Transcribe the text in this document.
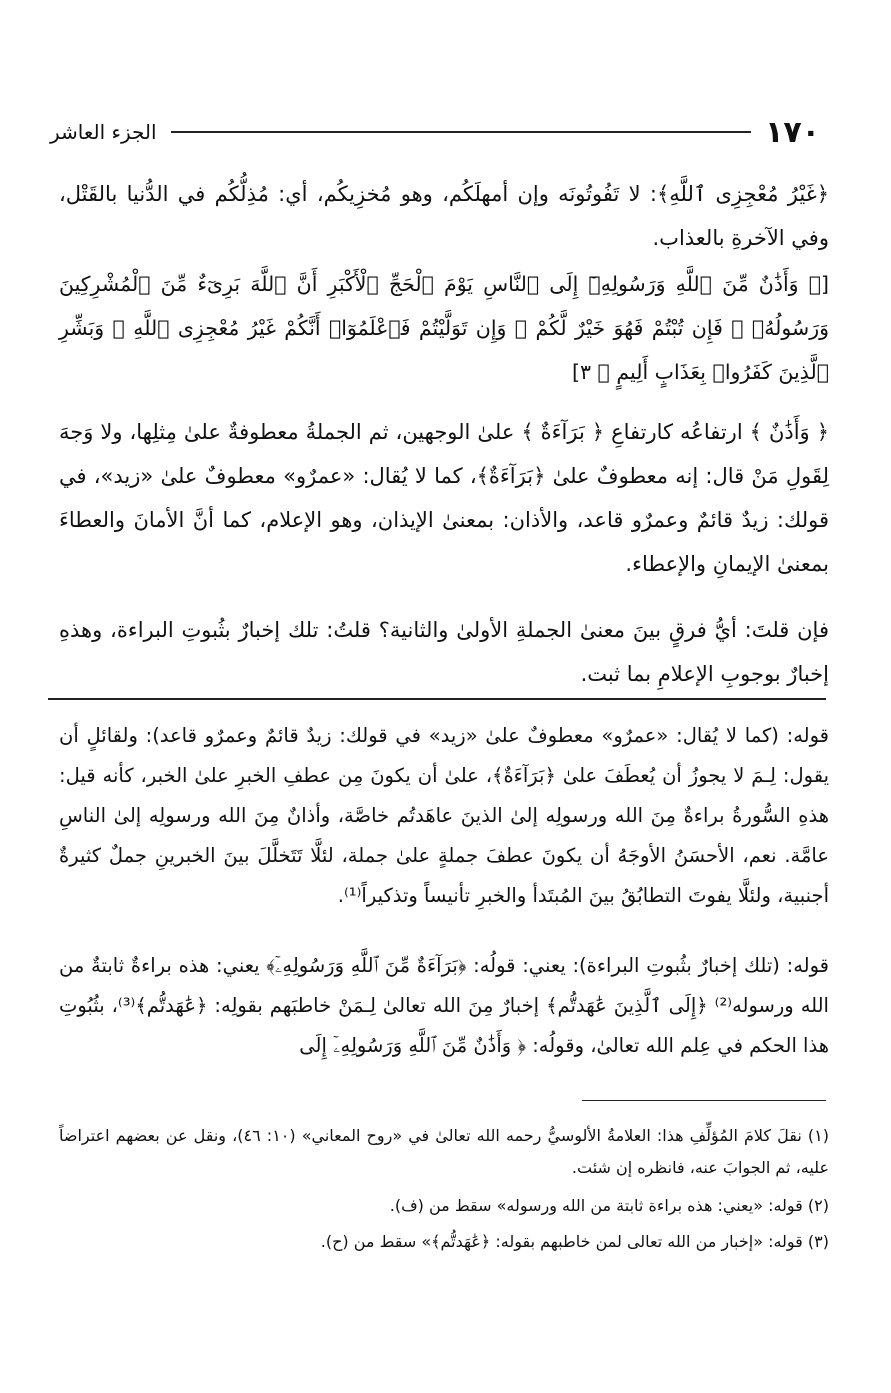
١٧٠
الجزء العاشر

﴿غَيْرُ مُعْجِزِى ٱللَّهِ﴾: لا تَفُوتُونَه وإن أمهلَكُم، وهو مُخزِيكُم، أي: مُذِلُّكُم في الدُّنيا بالقَتْل، وفي الآخرةِ بالعذاب.

[﴿ وَأَذَٰنٌ مِّنَ ٱللَّهِ وَرَسُولِهِۦٓ إِلَى ٱلنَّاسِ يَوْمَ ٱلْحَجِّ ٱلْأَكْبَرِ أَنَّ ٱللَّهَ بَرِىٓءٌ مِّنَ ٱلْمُشْرِكِينَ وَرَسُولُهُۥ ۚ فَإِن تُبْتُمْ فَهُوَ خَيْرٌ لَّكُمْ ۖ وَإِن تَوَلَّيْتُمْ فَٱعْلَمُوٓا۟ أَنَّكُمْ غَيْرُ مُعْجِزِى ٱللَّهِ ۗ وَبَشِّرِ ٱلَّذِينَ كَفَرُوا۟ بِعَذَابٍ أَلِيمٍ ﴾ ٣]

﴿ وَأَذَٰنٌ ﴾ ارتفاعُه كارتفاعِ ﴿ بَرَآءَةٌ ﴾ علىٰ الوجهين، ثم الجملةُ معطوفةٌ علىٰ مِثلِها، ولا وَجهَ لِقَولِ مَنْ قال: إنه معطوفٌ علىٰ ﴿بَرَآءَةٌ﴾، كما لا يُقال: «عمرٌو» معطوفٌ علىٰ «زيد»، في قولك: زيدٌ قائمٌ وعمرٌو قاعد، والأذان: بمعنىٰ الإيذان، وهو الإعلام، كما أنَّ الأمانَ والعطاءَ بمعنىٰ الإيمانِ والإعطاء.

فإن قلتَ: أيُّ فرقٍ بينَ معنىٰ الجملةِ الأولىٰ والثانية؟ قلتُ: تلك إخبارٌ بثُبوتِ البراءة، وهذهِ إخبارٌ بوجوبِ الإعلامِ بما ثبت.

قوله: (كما لا يُقال: «عمرٌو» معطوفٌ علىٰ «زيد» في قولك: زيدٌ قائمٌ وعمرٌو قاعد): ولقائلٍ أن يقول: لِـمَ لا يجوزُ أن يُعطَفَ علىٰ ﴿بَرَآءَةٌ﴾، علىٰ أن يكونَ مِن عطفِ الخبرِ علىٰ الخبر، كأنه قيل: هذهِ السُّورةُ براءةٌ مِنَ الله ورسولِه إلىٰ الذينَ عاهَدتُم خاصَّة، وأذانٌ مِنَ الله ورسولِه إلىٰ الناسِ عامَّة. نعم، الأحسَنُ الأوجَهُ أن يكونَ عطفَ جملةٍ علىٰ جملة، لئلَّا تَتَخلَّلَ بينَ الخبرينِ جملٌ كثيرةٌ أجنبية، ولئلَّا يفوتَ التطابُقُ بينَ المُبتَدأ والخبرِ تأنيساً وتذكيراً⁽¹⁾.

قوله: (تلك إخبارٌ بثُبوتِ البراءة): يعني: قولُه: ﴿بَرَآءَةٌ مِّنَ ٱللَّهِ وَرَسُولِهِۦٓ﴾ يعني: هذه براءةٌ ثابتةٌ من الله ورسوله⁽²⁾ ﴿إِلَى ٱلَّذِينَ عَٰهَدتُّم﴾ إخبارٌ مِنَ الله تعالىٰ لِـمَنْ خاطبَهم بقولِه: ﴿عَٰهَدتُّم﴾⁽³⁾، بثُبُوتِ هذا الحكم في عِلم الله تعالىٰ، وقولُه: ﴿ وَأَذَٰنٌ مِّنَ ٱللَّهِ وَرَسُولِهِۦٓ إِلَى

(١) نقلَ كلامَ المُؤلِّفِ هذا: العلامةُ الألوسيُّ رحمه الله تعالىٰ في «روح المعاني» (١٠: ٤٦)، ونقل عن بعضهم اعتراضاً عليه، ثم الجوابَ عنه، فانظره إن شئت.

(٢) قوله: «يعني: هذه براءة ثابتة من الله ورسوله» سقط من (ف).

(٣) قوله: «إخبار من الله تعالى لمن خاطبهم بقوله: ﴿عَٰهَدتُّم﴾» سقط من (ح).
